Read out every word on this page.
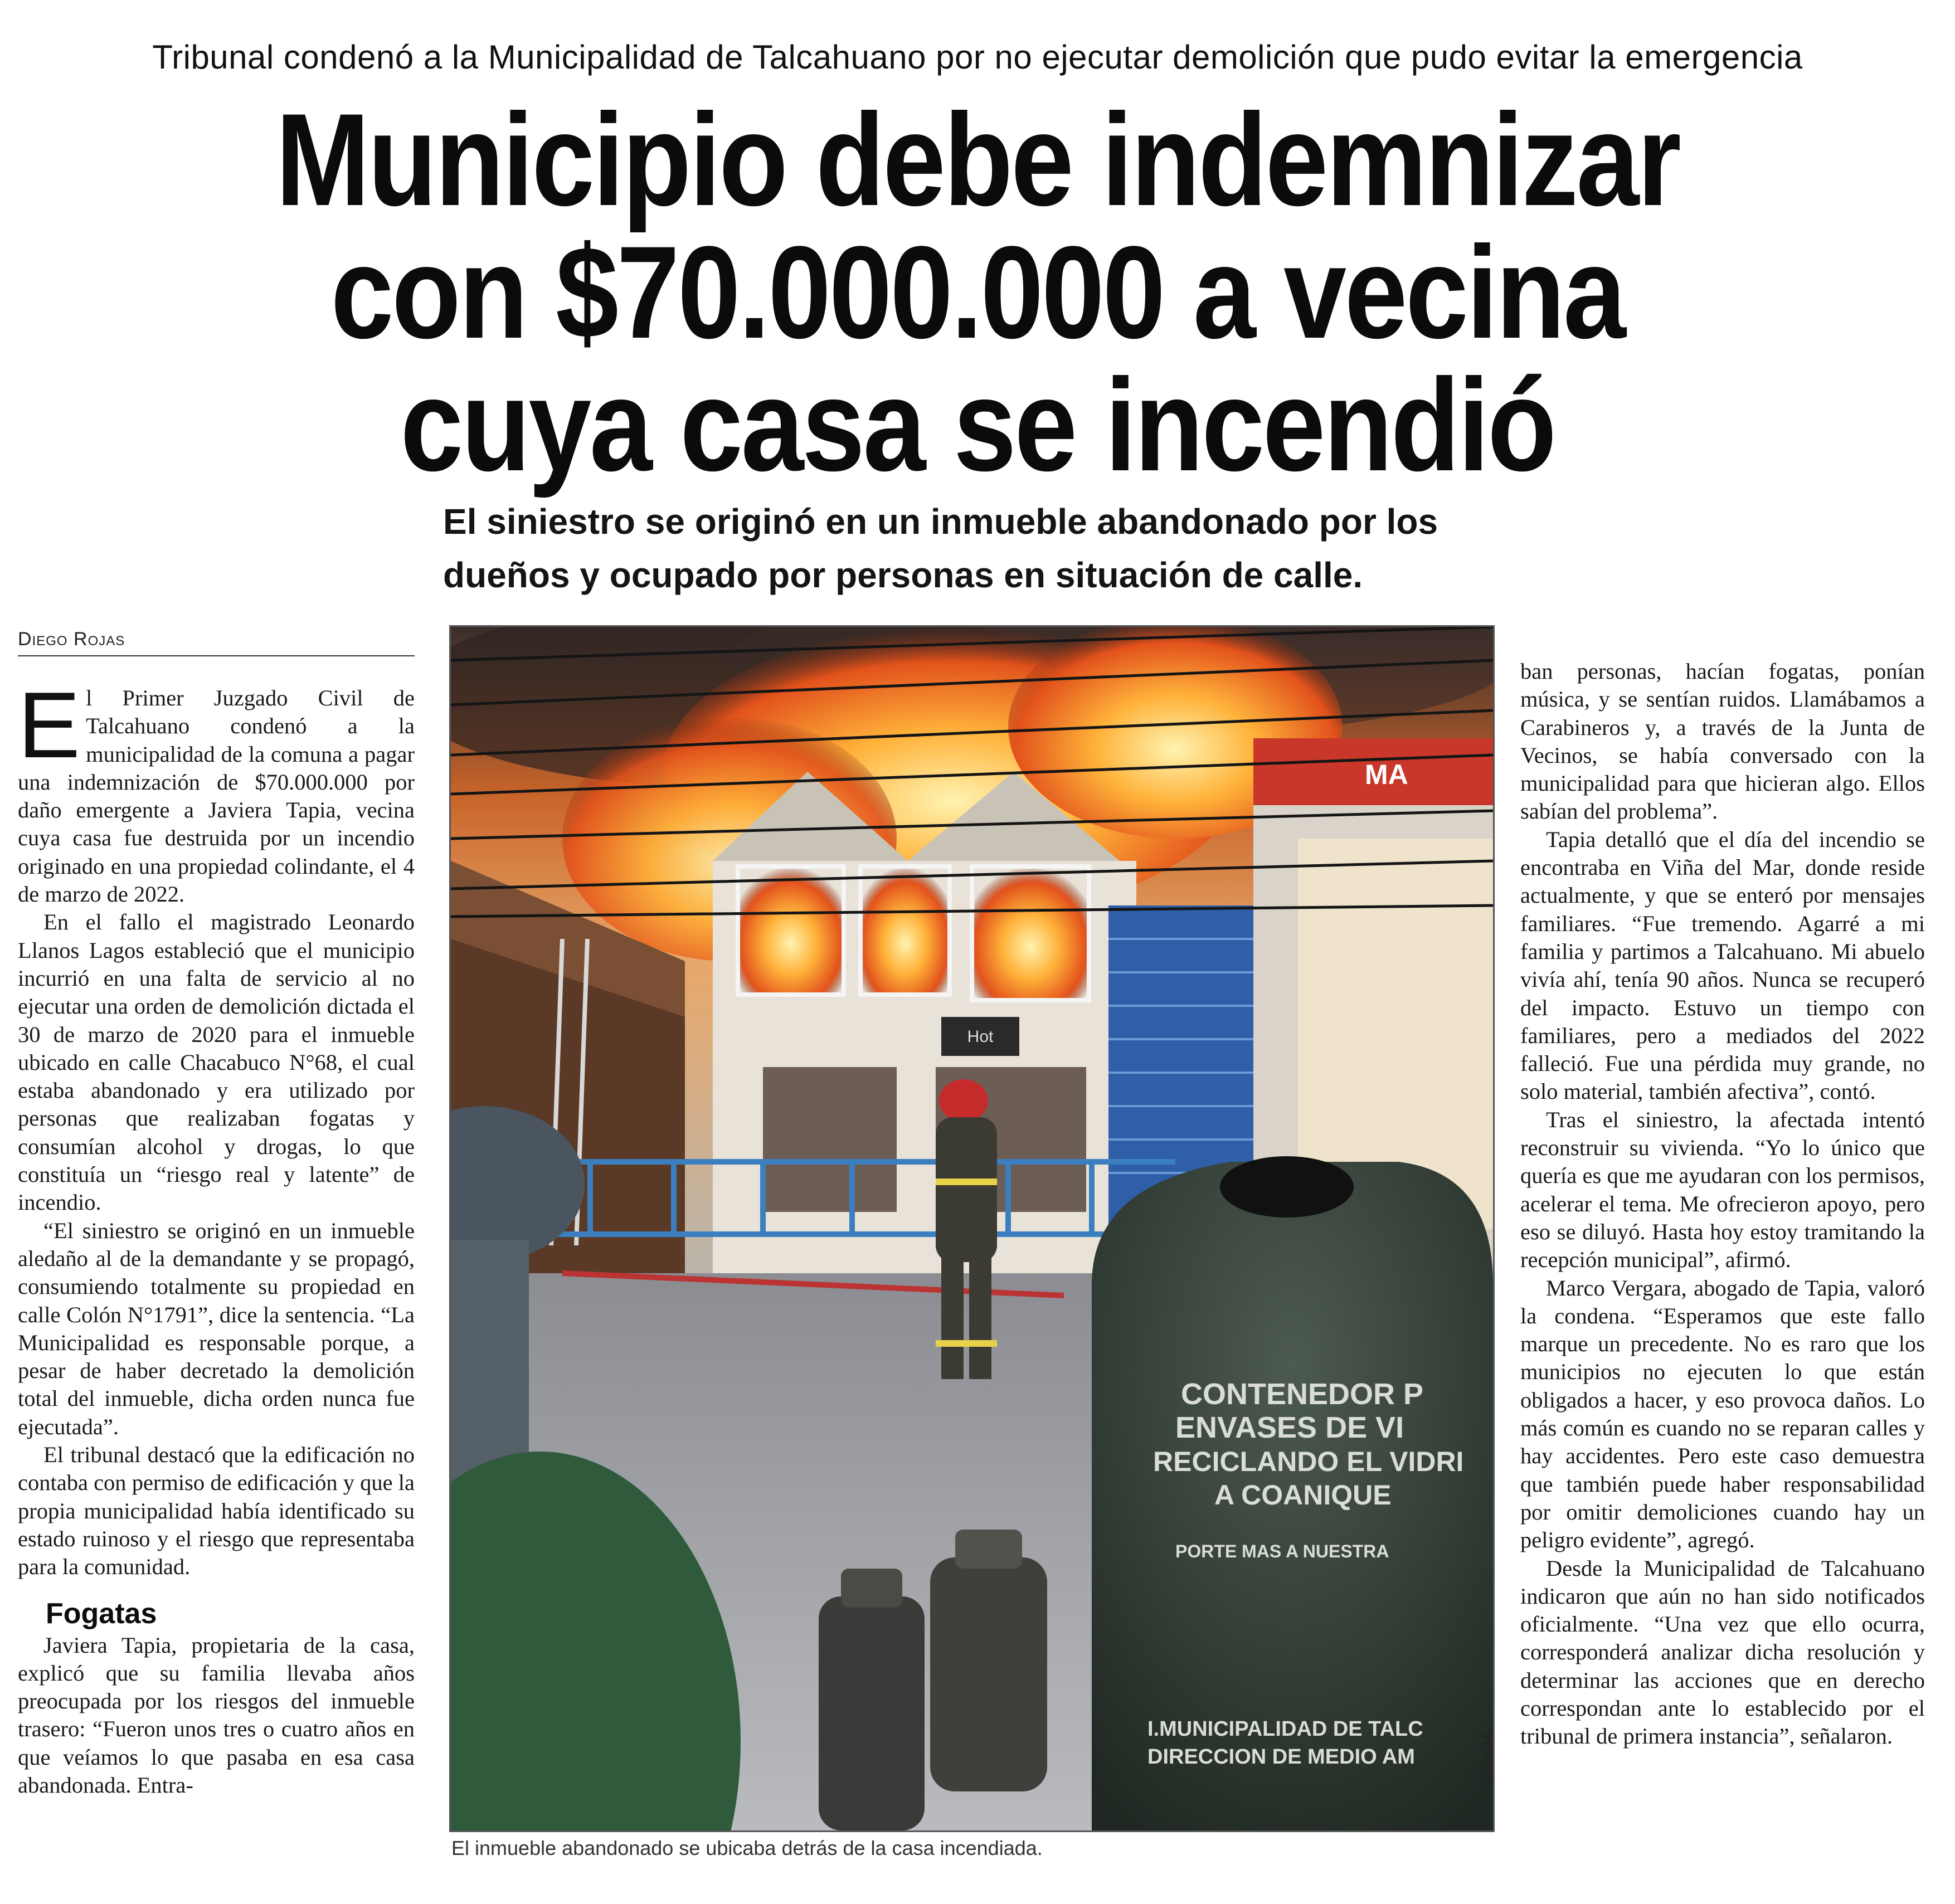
Tribunal condenó a la Municipalidad de Talcahuano por no ejecutar demolición que pudo evitar la emergencia
Municipio debe indemnizar
con $70.000.000 a vecina
cuya casa se incendió
El siniestro se originó en un inmueble abandonado por los dueños y ocupado por personas en situación de calle.
Diego Rojas

El Primer Juzgado Civil de Talcahuano condenó a la municipalidad de la comuna a pagar una indemnización de $70.000.000 por daño emergente a Javiera Tapia, vecina cuya casa fue destruida por un incendio originado en una propiedad colindante, el 4 de marzo de 2022.

En el fallo el magistrado Leonardo Llanos Lagos estableció que el municipio incurrió en una falta de servicio al no ejecutar una orden de demolición dictada el 30 de marzo de 2020 para el inmueble ubicado en calle Chacabuco N°68, el cual estaba abandonado y era utilizado por personas que realizaban fogatas y consumían alcohol y drogas, lo que constituía un “riesgo real y latente” de incendio.

“El siniestro se originó en un inmueble aledaño al de la demandante y se propagó, consumiendo totalmente su propiedad en calle Colón N°1791”, dice la sentencia. “La Municipalidad es responsable porque, a pesar de haber decretado la demolición total del inmueble, dicha orden nunca fue ejecutada”.

El tribunal destacó que la edificación no contaba con permiso de edificación y que la propia municipalidad había identificado su estado ruinoso y el riesgo que representaba para la comunidad.

Fogatas

Javiera Tapia, propietaria de la casa, explicó que su familia llevaba años preocupada por los riesgos del inmueble trasero: “Fueron unos tres o cuatro años en que veíamos lo que pasaba en esa casa abandonada. Entra-

Hot
MA
CONTENEDOR P
ENVASES DE VI
RECICLANDO EL VIDRI
A COANIQUE
PORTE MAS A NUESTRA
I.MUNICIPALIDAD DE TALC
DIRECCION DE MEDIO AM	CEDIDA
El inmueble abandonado se ubicaba detrás de la casa incendiada.

ban personas, hacían fogatas, ponían música, y se sentían ruidos. Llamábamos a Carabineros y, a través de la Junta de Vecinos, se había conversado con la municipalidad para que hicieran algo. Ellos sabían del problema”.

Tapia detalló que el día del incendio se encontraba en Viña del Mar, donde reside actualmente, y que se enteró por mensajes familiares. “Fue tremendo. Agarré a mi familia y partimos a Talcahuano. Mi abuelo vivía ahí, tenía 90 años. Nunca se recuperó del impacto. Estuvo un tiempo con familiares, pero a mediados del 2022 falleció. Fue una pérdida muy grande, no solo material, también afectiva”, contó.

Tras el siniestro, la afectada intentó reconstruir su vivienda. “Yo lo único que quería es que me ayudaran con los permisos, acelerar el tema. Me ofrecieron apoyo, pero eso se diluyó. Hasta hoy estoy tramitando la recepción municipal”, afirmó.

Marco Vergara, abogado de Tapia, valoró la condena. “Esperamos que este fallo marque un precedente. No es raro que los municipios no ejecuten lo que están obligados a hacer, y eso provoca daños. Lo más común es cuando no se reparan calles y hay accidentes. Pero este caso demuestra que también puede haber responsabilidad por omitir demoliciones cuando hay un peligro evidente”, agregó.

Desde la Municipalidad de Talcahuano indicaron que aún no han sido notificados oficialmente. “Una vez que ello ocurra, corresponderá analizar dicha resolución y determinar las acciones que en derecho correspondan ante lo establecido por el tribunal de primera instancia”, señalaron.
